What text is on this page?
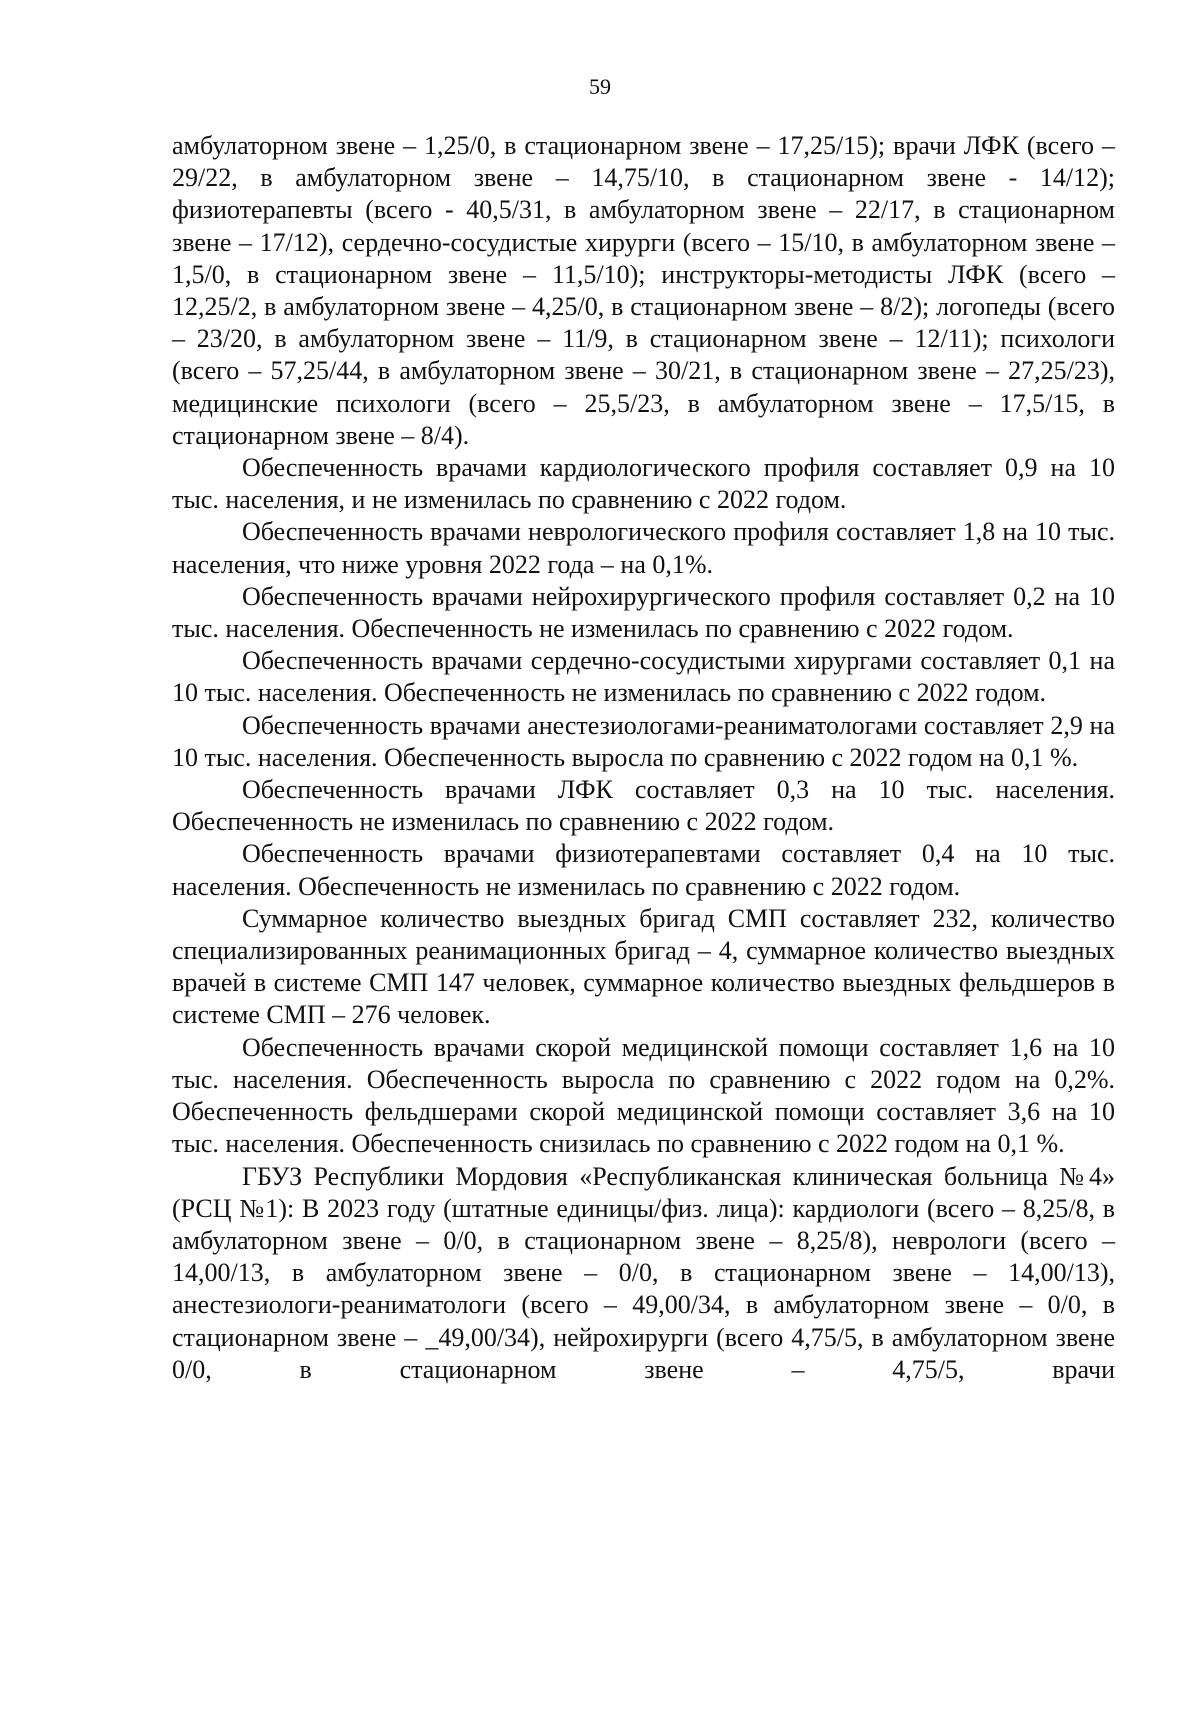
59

амбулаторном звене – 1,25/0, в стационарном звене – 17,25/15); врачи ЛФК (всего – 29/22, в амбулаторном звене – 14,75/10, в стационарном звене - 14/12); физиотерапевты (всего - 40,5/31, в амбулаторном звене – 22/17, в стационарном звене – 17/12), сердечно-сосудистые хирурги (всего – 15/10, в амбулаторном звене – 1,5/0, в стационарном звене – 11,5/10); инструкторы-методисты ЛФК (всего – 12,25/2, в амбулаторном звене – 4,25/0, в стационарном звене – 8/2); логопеды (всего – 23/20, в амбулаторном звене – 11/9, в стационарном звене – 12/11); психологи (всего – 57,25/44, в амбулаторном звене – 30/21, в стационарном звене – 27,25/23), медицинские психологи (всего – 25,5/23, в амбулаторном звене – 17,5/15, в стационарном звене – 8/4).

Обеспеченность врачами кардиологического профиля составляет 0,9 на 10 тыс. населения, и не изменилась по сравнению с 2022 годом.

Обеспеченность врачами неврологического профиля составляет 1,8 на 10 тыс. населения, что ниже уровня 2022 года – на 0,1%.

Обеспеченность врачами нейрохирургического профиля составляет 0,2 на 10 тыс. населения. Обеспеченность не изменилась по сравнению с 2022 годом.

Обеспеченность врачами сердечно-сосудистыми хирургами составляет 0,1 на 10 тыс. населения. Обеспеченность не изменилась по сравнению с 2022 годом.

Обеспеченность врачами анестезиологами-реаниматологами составляет 2,9 на 10 тыс. населения. Обеспеченность выросла по сравнению с 2022 годом на 0,1 %.

Обеспеченность врачами ЛФК составляет 0,3 на 10 тыс. населения. Обеспеченность не изменилась по сравнению с 2022 годом.

Обеспеченность врачами физиотерапевтами составляет 0,4 на 10 тыс. населения. Обеспеченность не изменилась по сравнению с 2022 годом.

Суммарное количество выездных бригад СМП составляет 232, количество специализированных реанимационных бригад – 4, суммарное количество выездных врачей в системе СМП 147 человек, суммарное количество выездных фельдшеров в системе СМП – 276 человек.

Обеспеченность врачами скорой медицинской помощи составляет 1,6 на 10 тыс. населения. Обеспеченность выросла по сравнению с 2022 годом на 0,2%. Обеспеченность фельдшерами скорой медицинской помощи составляет 3,6 на 10 тыс. населения. Обеспеченность снизилась по сравнению с 2022 годом на 0,1 %.

ГБУЗ Республики Мордовия «Республиканская клиническая больница №4» (РСЦ №1): В 2023 году (штатные единицы/физ. лица): кардиологи (всего – 8,25/8, в амбулаторном звене – 0/0, в стационарном звене – 8,25/8), неврологи (всего – 14,00/13, в амбулаторном звене – 0/0, в стационарном звене – 14,00/13), анестезиологи-реаниматологи (всего – 49,00/34, в амбулаторном звене – 0/0, в стационарном звене – _49,00/34), нейрохирурги (всего 4,75/5, в амбулаторном звене 0/0, в стационарном звене – 4,75/5, врачи
